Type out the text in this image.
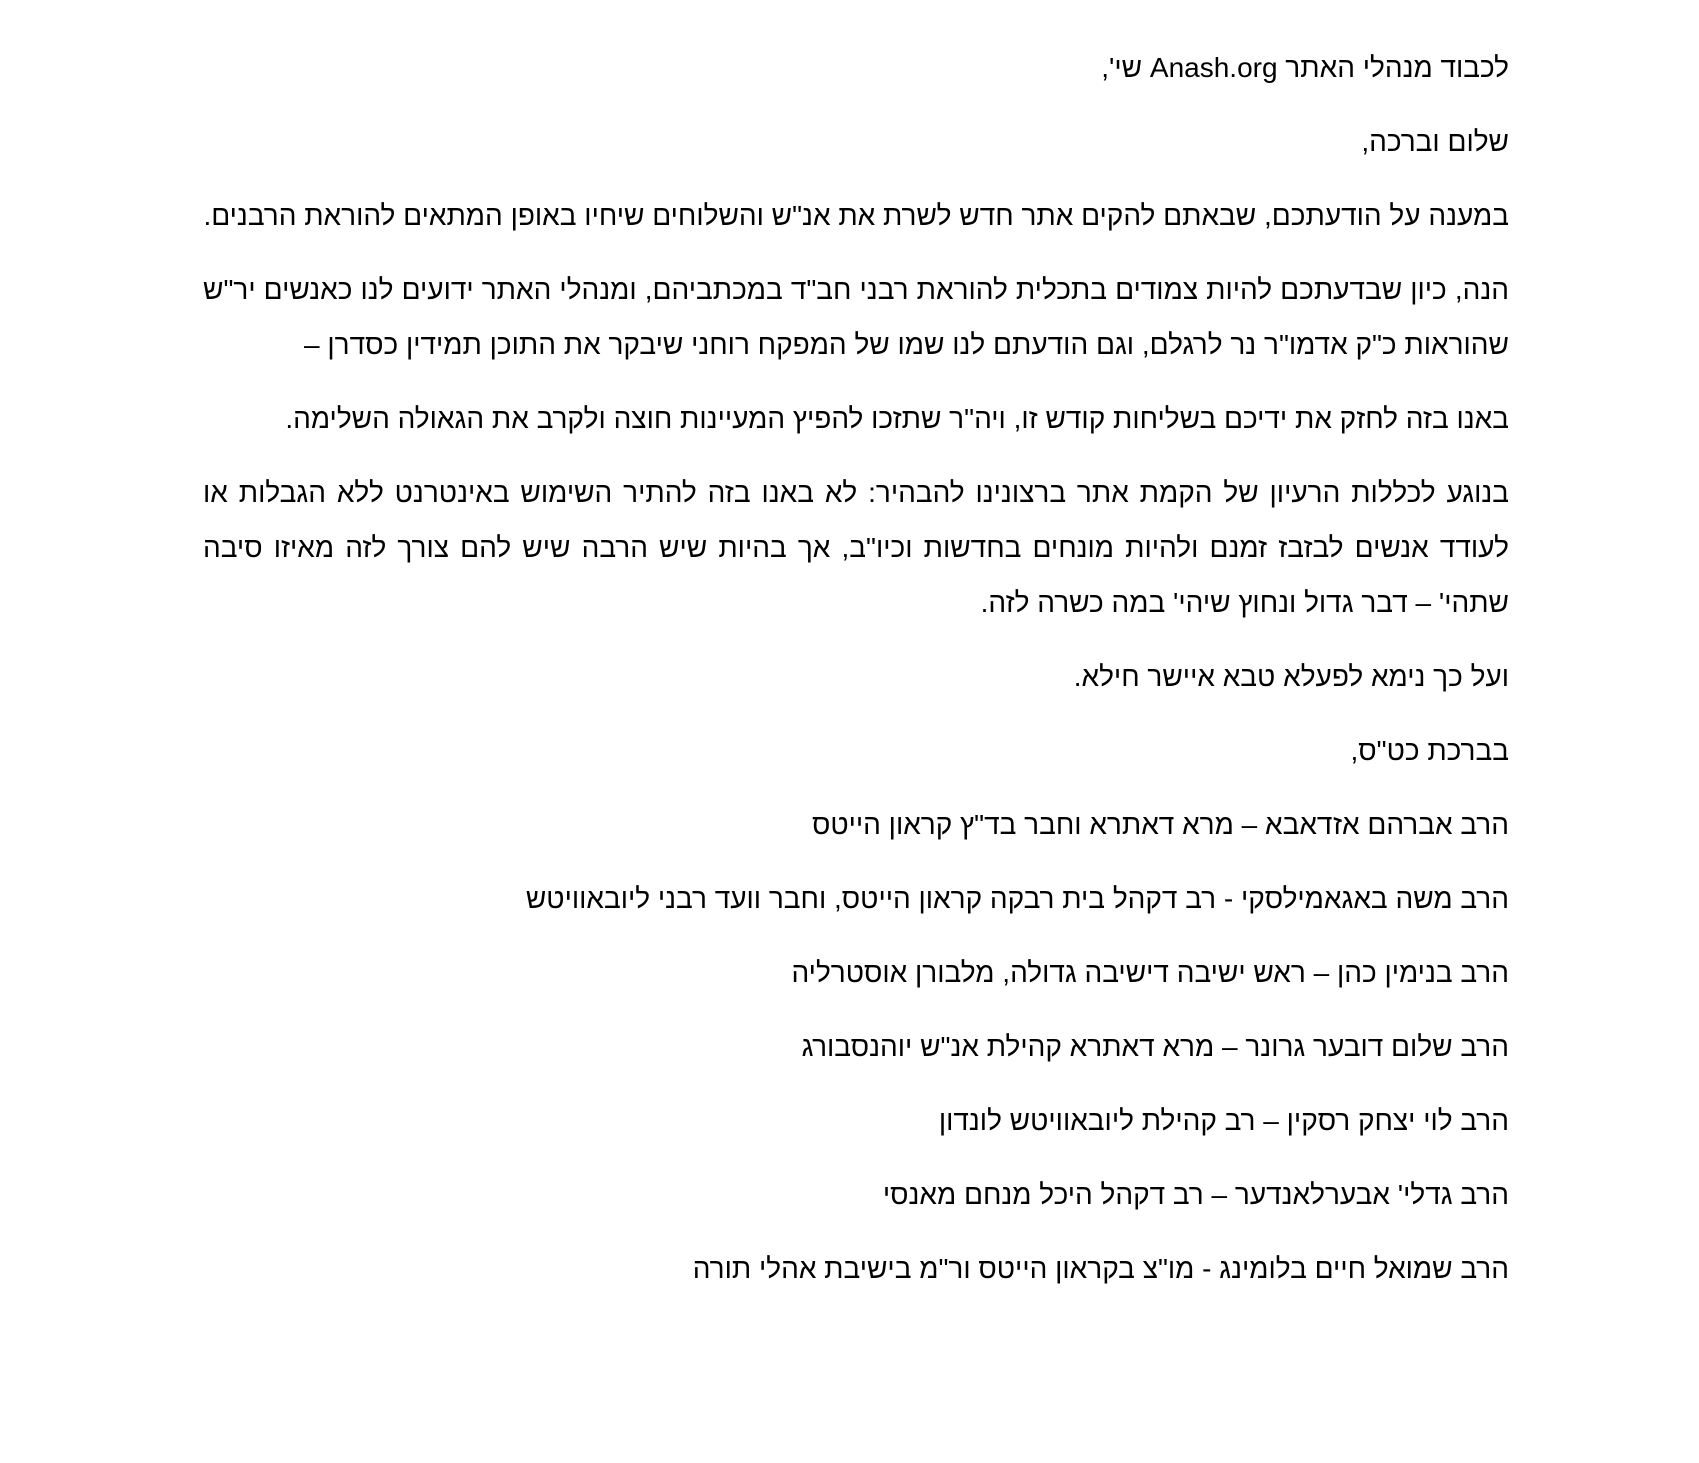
לכבוד מנהלי האתר Anash.org שי',

שלום וברכה,

במענה על הודעתכם, שבאתם להקים אתר חדש לשרת את אנ"ש והשלוחים שיחיו באופן המתאים להוראת הרבנים.

הנה, כיון שבדעתכם להיות צמודים בתכלית להוראת רבני חב"ד במכתביהם, ומנהלי האתר ידועים לנו כאנשים יר"ש שהוראות כ"ק אדמו"ר נר לרגלם, וגם הודעתם לנו שמו של המפקח רוחני שיבקר את התוכן תמידין כסדרן –

באנו בזה לחזק את ידיכם בשליחות קודש זו, ויה"ר שתזכו להפיץ המעיינות חוצה ולקרב את הגאולה השלימה.

בנוגע לכללות הרעיון של הקמת אתר ברצונינו להבהיר: לא באנו בזה להתיר השימוש באינטרנט ללא הגבלות או לעודד אנשים לבזבז זמנם ולהיות מונחים בחדשות וכיו"ב, אך בהיות שיש הרבה שיש להם צורך לזה מאיזו סיבה שתהי' – דבר גדול ונחוץ שיהי' במה כשרה לזה.

ועל כך נימא לפעלא טבא איישר חילא.

בברכת כט"ס,

הרב אברהם אזדאבא – מרא דאתרא וחבר בד"ץ קראון הייטס
הרב משה באגאמילסקי - רב דקהל בית רבקה קראון הייטס, וחבר וועד רבני ליובאוויטש
הרב בנימין כהן – ראש ישיבה דישיבה גדולה, מלבורן אוסטרליה
הרב שלום דובער גרונר – מרא דאתרא קהילת אנ"ש יוהנסבורג
הרב לוי יצחק רסקין – רב קהילת ליובאוויטש לונדון
הרב גדלי' אבערלאנדער – רב דקהל היכל מנחם מאנסי
הרב שמואל חיים בלומינג - מו"צ בקראון הייטס ור"מ בישיבת אהלי תורה
